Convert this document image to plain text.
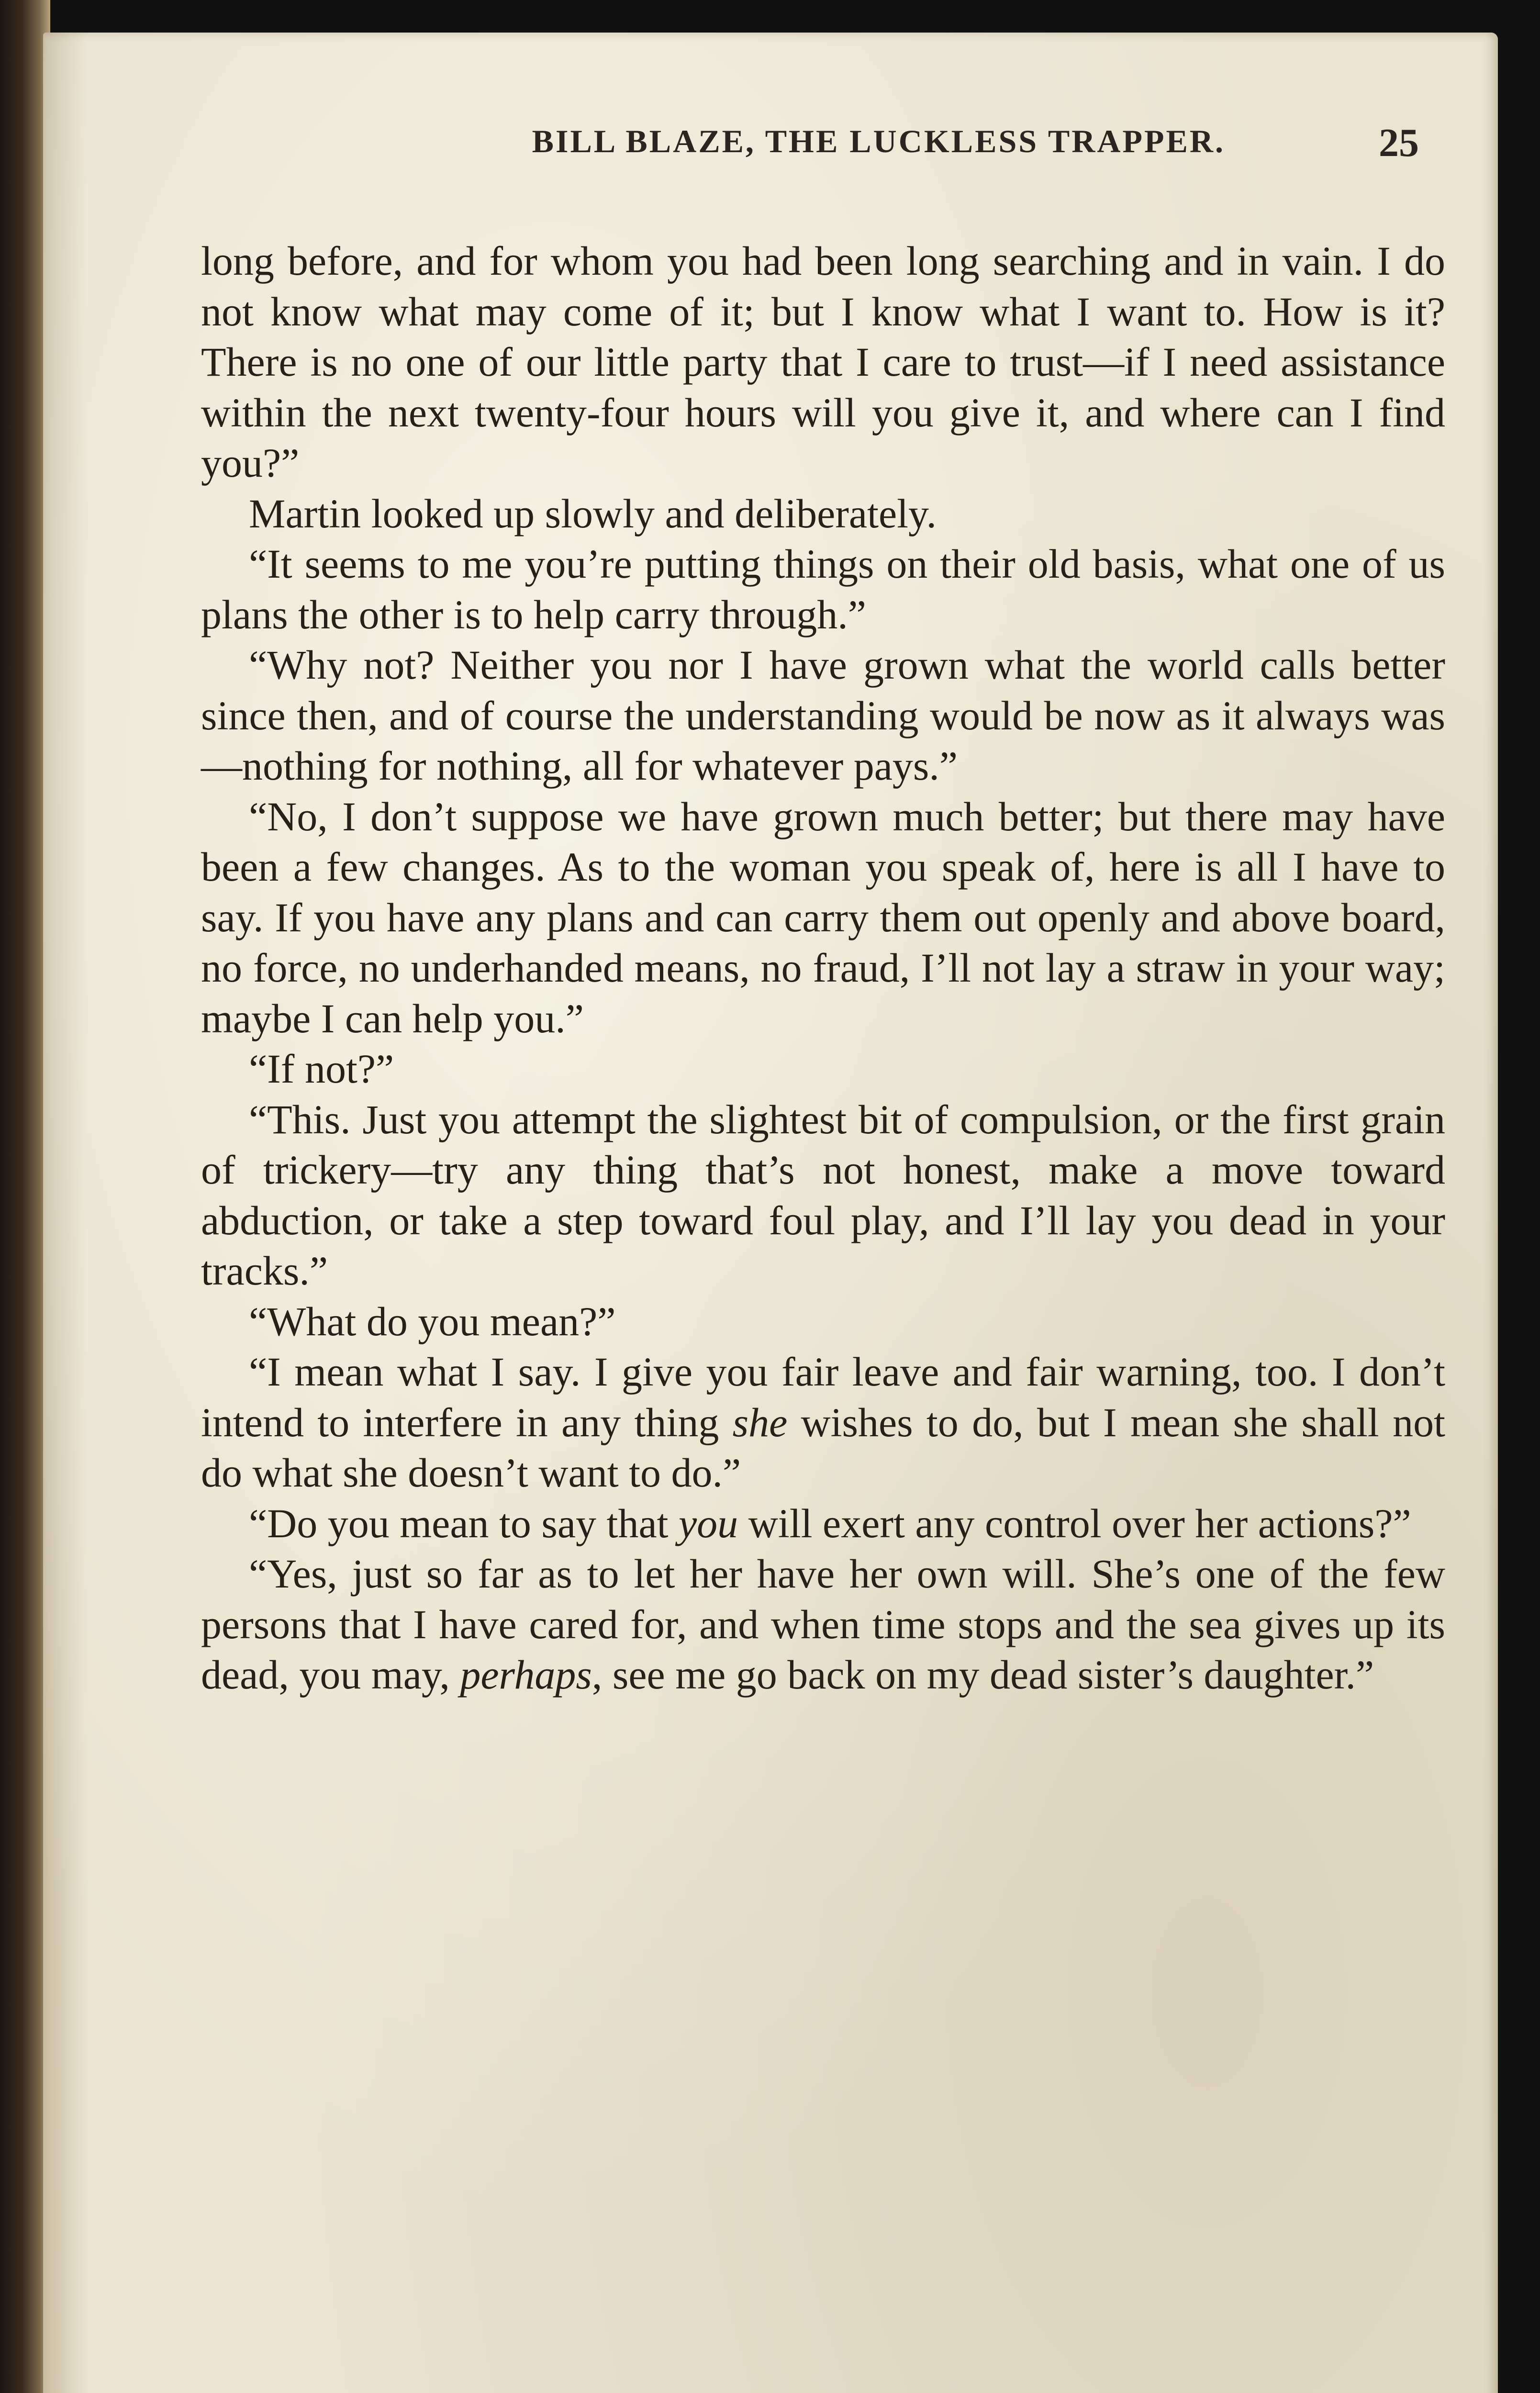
BILL BLAZE, THE LUCKLESS TRAPPER.	25

long before, and for whom you had been long searching and in vain. I do not know what may come of it; but I know what I want to. How is it? There is no one of our little party that I care to trust—if I need assistance within the next twenty-four hours will you give it, and where can I find you?”

Martin looked up slowly and deliberately.

“It seems to me you’re putting things on their old basis, what one of us plans the other is to help carry through.”

“Why not? Neither you nor I have grown what the world calls better since then, and of course the understanding would be now as it always was—nothing for nothing, all for whatever pays.”

“No, I don’t suppose we have grown much better; but there may have been a few changes. As to the woman you speak of, here is all I have to say. If you have any plans and can carry them out openly and above board, no force, no underhanded means, no fraud, I’ll not lay a straw in your way; maybe I can help you.”

“If not?”

“This. Just you attempt the slightest bit of compulsion, or the first grain of trickery—try any thing that’s not honest, make a move toward abduction, or take a step toward foul play, and I’ll lay you dead in your tracks.”

“What do you mean?”

“I mean what I say. I give you fair leave and fair warning, too. I don’t intend to interfere in any thing she wishes to do, but I mean she shall not do what she doesn’t want to do.”

“Do you mean to say that you will exert any control over her actions?”

“Yes, just so far as to let her have her own will. She’s one of the few persons that I have cared for, and when time stops and the sea gives up its dead, you may, perhaps, see me go back on my dead sister’s daughter.”
